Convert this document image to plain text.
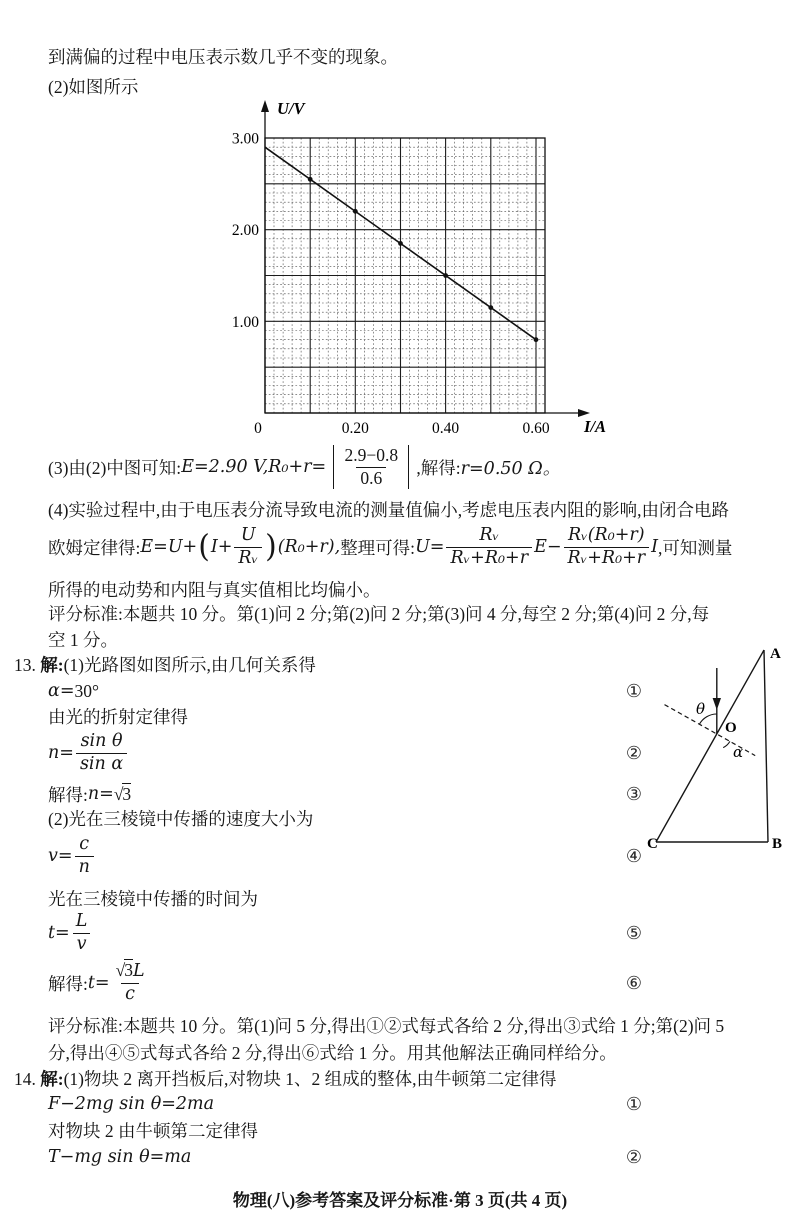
到满偏的过程中电压表示数几乎不变的现象。
(2)如图所示
U/V
I/A
1.00
2.00
3.00
0	0.20	0.40	0.60
(3)由(2)中图可知: E=2.90 V, $R_0+r= \frac{2.9-0.8}{0.6}$ ,解得: r=0.50 Ω。
(4)实验过程中,由于电压表分流导致电流的测量值偏小,考虑电压表内阻的影响,由闭合电路
欧姆定律得: E=U+ ( $I+ \frac{U}{\text{Rᵥ}}$ ) (R₀+r), 整理可得: $U= \frac{\text{Rᵥ}}{\text{Rᵥ+R₀+r}} E- \frac{\text{Rᵥ(R₀+r)}}{\text{Rᵥ+R₀+r}}$ I ,可知测量
所得的电动势和内阻与真实值相比均偏小。
评分标准:本题共 10 分。第(1)问 2 分;第(2)问 2 分;第(3)问 4 分,每空 2 分;第(4)问 2 分,每
空 1 分。
13. 解:(1)光路图如图所示,由几何关系得
A
B
C
O
θ
α
α= 30°	①
由光的折射定律得
$n= \frac{\text{sin θ}}{\text{sin α}}$	②
解得: n= √ 3	③
(2)光在三棱镜中传播的速度大小为
$v= \frac{c}{n}$	④
光在三棱镜中传播的时间为
$t= \frac{L}{v}$	⑤
解得: $t= \frac{√3L}{c}$	⑥
评分标准:本题共 10 分。第(1)问 5 分,得出①②式每式各给 2 分,得出③式给 1 分;第(2)问 5
分,得出④⑤式每式各给 2 分,得出⑥式给 1 分。用其他解法正确同样给分。
14. 解:(1)物块 2 离开挡板后,对物块 1、2 组成的整体,由牛顿第二定律得
F−2mg sin θ=2ma	①
对物块 2 由牛顿第二定律得
T−mg sin θ=ma	②
物理(八)参考答案及评分标准·第 3 页(共 4 页)
